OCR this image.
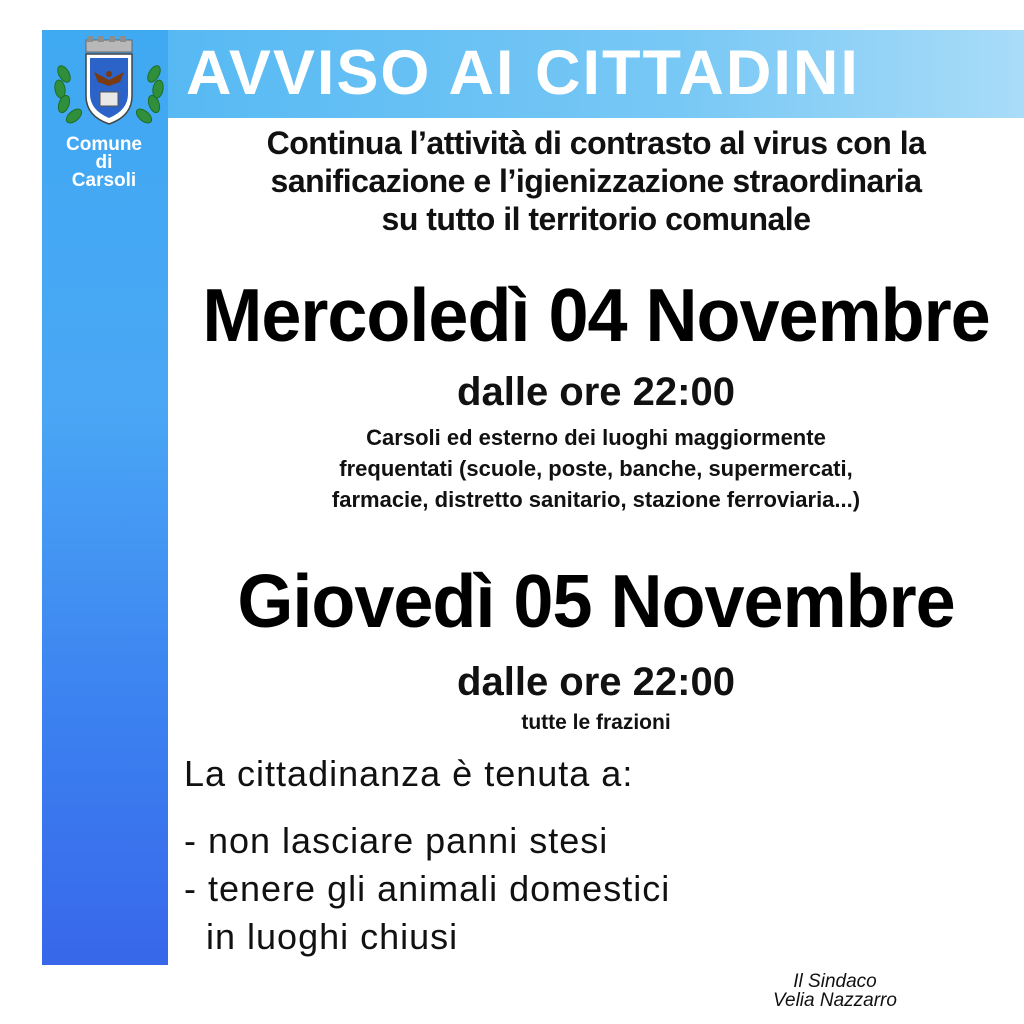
AVVISO AI CITTADINI
Comune
di
Carsoli
Continua l’attività di contrasto al virus con la
sanificazione e l’igienizzazione straordinaria
su tutto il territorio comunale
Mercoledì 04 Novembre
dalle ore 22:00
Carsoli ed esterno dei luoghi maggiormente
frequentati (scuole, poste, banche, supermercati,
farmacie, distretto sanitario, stazione ferroviaria...)
Giovedì 05 Novembre
dalle ore 22:00
tutte le frazioni
La cittadinanza è tenuta a:
- non lasciare panni stesi
- tenere gli animali domestici
in luoghi chiusi
Il Sindaco
Velia Nazzarro
